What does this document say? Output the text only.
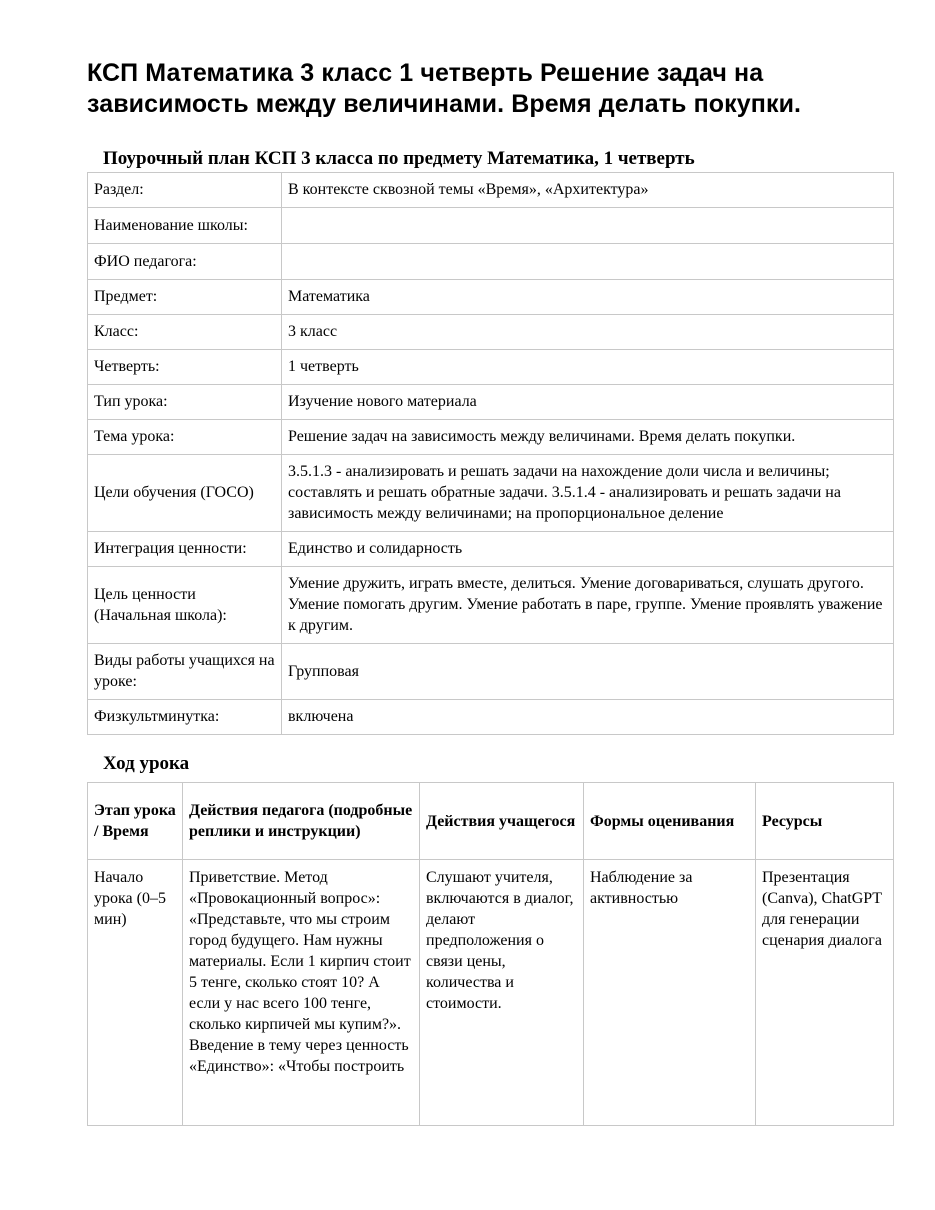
КСП Математика 3 класс 1 четверть Решение задач на зависимость между величинами. Время делать покупки.
Поурочный план КСП 3 класса по предмету Математика, 1 четверть
Раздел:	В контексте сквозной темы «Время», «Архитектура»
Наименование школы:	
ФИО педагога:	
Предмет:	Математика
Класс:	3 класс
Четверть:	1 четверть
Тип урока:	Изучение нового материала
Тема урока:	Решение задач на зависимость между величинами. Время делать покупки.
Цели обучения (ГОСО)	3.5.1.3 - анализировать и решать задачи на нахождение доли числа и величины; составлять и решать обратные задачи. 3.5.1.4 - анализировать и решать задачи на зависимость между величинами; на пропорциональное деление
Интеграция ценности:	Единство и солидарность
Цель ценности (Начальная школа):	Умение дружить, играть вместе, делиться. Умение договариваться, слушать другого. Умение помогать другим. Умение работать в паре, группе. Умение проявлять уважение к другим.
Виды работы учащихся на уроке:	Групповая
Физкультминутка:	включена
Ход урока
Этап урока / Время	Действия педагога (подробные реплики и инструкции)	Действия учащегося	Формы оценивания	Ресурсы
Начало урока (0–5 мин)	Приветствие. Метод «Провокационный вопрос»: «Представьте, что мы строим город будущего. Нам нужны материалы. Если 1 кирпич стоит 5 тенге, сколько стоят 10? А если у нас всего 100 тенге, сколько кирпичей мы купим?». Введение в тему через ценность «Единство»: «Чтобы построить	Слушают учителя, включаются в диалог, делают предположения о связи цены, количества и стоимости.	Наблюдение за активностью	Презентация (Canva), ChatGPT для генерации сценария диалога
